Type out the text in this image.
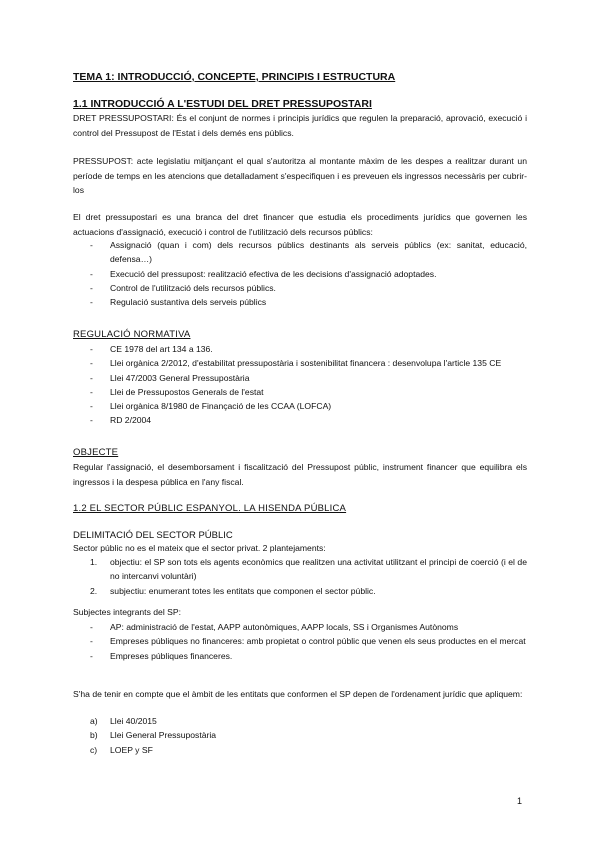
TEMA 1: INTRODUCCIÓ, CONCEPTE, PRINCIPIS I ESTRUCTURA
1.1 INTRODUCCIÓ A L'ESTUDI DEL DRET PRESSUPOSTARI
DRET PRESSUPOSTARI: És el conjunt de normes i principis jurídics que regulen la preparació, aprovació, execució i control del Pressupost de l'Estat i dels demés ens públics.
PRESSUPOST: acte legislatiu mitjançant el qual s'autoritza al montante màxim de les despes a realitzar durant un període de temps en les atencions que detalladament s'especifiquen i es preveuen els ingressos necessàris per cubrir-los
El dret pressupostari es una branca del dret financer que estudia els procediments jurídics que governen les actuacions d'assignació, execució i control de l'utilització dels recursos públics:
- Assignació (quan i com) dels recursos públics destinants als serveis públics (ex: sanitat, educació, defensa…)
- Execució del pressupost: realització efectiva de les decisions d'assignació adoptades.
- Control de l'utilització dels recursos públics.
- Regulació sustantiva dels serveis públics
REGULACIÓ NORMATIVA
- CE 1978 del art 134 a 136.
- Llei orgànica 2/2012, d'estabilitat pressupostària i sostenibilitat financera : desenvolupa l'article 135 CE
- Llei 47/2003 General Pressupostària
- Llei de Pressupostos Generals de l'estat
- Llei orgànica 8/1980 de Finançació de les CCAA (LOFCA)
- RD 2/2004
OBJECTE
Regular l'assignació, el desemborsament i fiscalització del Pressupost públic, instrument financer que equilibra els ingressos i la despesa pública en l'any fiscal.
1.2 EL SECTOR PÚBLIC ESPANYOL. LA HISENDA PÚBLICA
DELIMITACIÓ DEL SECTOR PÚBLIC
Sector públic no es el mateix que el sector privat. 2 plantejaments:
1. objectiu: el SP son tots els agents econòmics que realitzen una activitat utilitzant el principi de coerció (i el de no intercanvi voluntàri)
2. subjectiu: enumerant totes les entitats que componen el sector públic.
Subjectes integrants del SP:
- AP: administració de l'estat, AAPP autonòmiques, AAPP locals, SS i Organismes Autònoms
- Empreses públiques no financeres: amb propietat o control públic que venen els seus productes en el mercat
- Empreses públiques financeres.
S'ha de tenir en compte que el àmbit de les entitats que conformen el SP depen de l'ordenament jurídic que apliquem:
a) Llei 40/2015
b) Llei General Pressupostària
c) LOEP y SF
1
